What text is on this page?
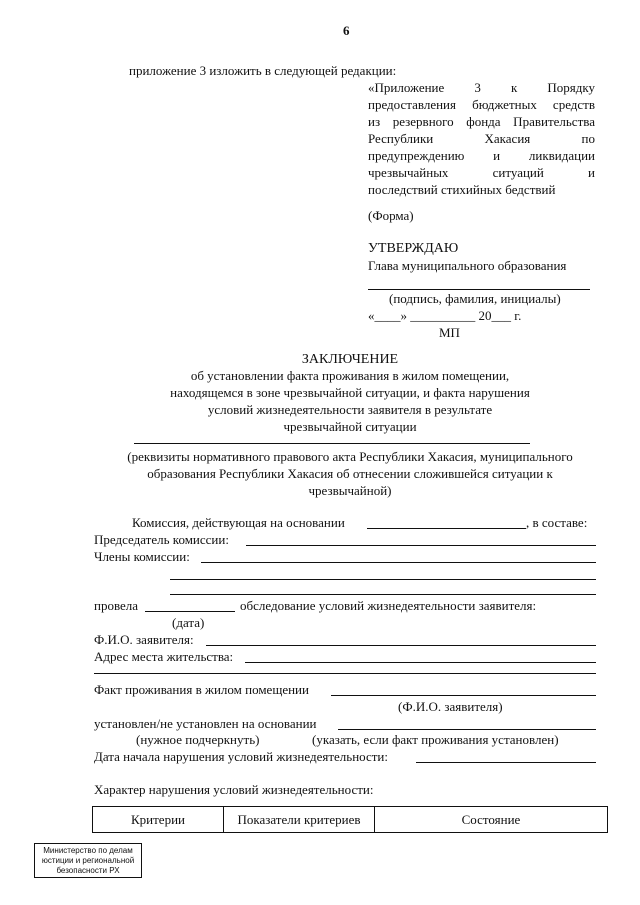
6
приложение 3 изложить в следующей редакции:
«Приложение 3 к Порядку
предоставления бюджетных средств
из резервного фонда Правительства
Республики Хакасия по
предупреждению и ликвидации
чрезвычайных ситуаций и
последствий стихийных бедствий
(Форма)
УТВЕРЖДАЮ
Глава муниципального образования
(подпись, фамилия, инициалы)
«____» __________ 20___ г.
МП
ЗАКЛЮЧЕНИЕ
об установлении факта проживания в жилом помещении,
находящемся в зоне чрезвычайной ситуации, и факта нарушения
условий жизнедеятельности заявителя в результате
чрезвычайной ситуации
(реквизиты нормативного правового акта Республики Хакасия, муниципального
образования Республики Хакасия об отнесении сложившейся ситуации к
чрезвычайной)
Комиссия, действующая на основании	, в составе:
Председатель комиссии:
Члены комиссии:
провела	обследование условий жизнедеятельности заявителя:
(дата)
Ф.И.О. заявителя:
Адрес места жительства:
Факт проживания в жилом помещении
(Ф.И.О. заявителя)
установлен/не установлен на основании
(нужное подчеркнуть)	(указать, если факт проживания установлен)
Дата начала нарушения условий жизнедеятельности:
Характер нарушения условий жизнедеятельности:
Критерии	Показатели критериев	Состояние
Министерство по делам
юстиции и региональной
безопасности РХ
